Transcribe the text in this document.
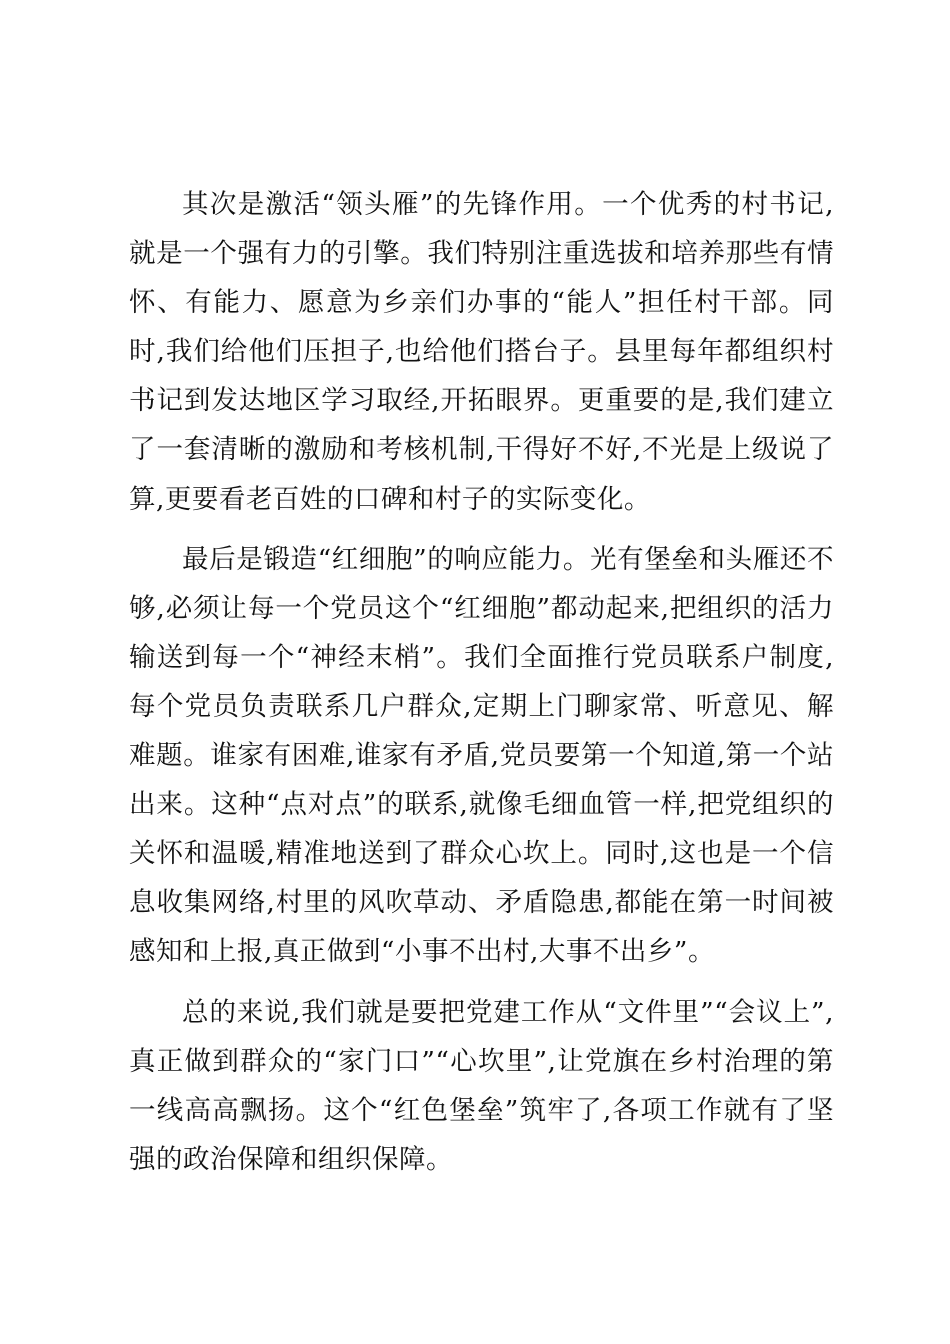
其次是激活“领头雁”的先锋作用。一个优秀的村书记,就是一个强有力的引擎。我们特别注重选拔和培养那些有情怀、有能力、愿意为乡亲们办事的“能人”担任村干部。同时,我们给他们压担子,也给他们搭台子。县里每年都组织村书记到发达地区学习取经,开拓眼界。更重要的是,我们建立了一套清晰的激励和考核机制,干得好不好,不光是上级说了算,更要看老百姓的口碑和村子的实际变化。

最后是锻造“红细胞”的响应能力。光有堡垒和头雁还不够,必须让每一个党员这个“红细胞”都动起来,把组织的活力输送到每一个“神经末梢”。我们全面推行党员联系户制度,每个党员负责联系几户群众,定期上门聊家常、听意见、解难题。谁家有困难,谁家有矛盾,党员要第一个知道,第一个站出来。这种“点对点”的联系,就像毛细血管一样,把党组织的关怀和温暖,精准地送到了群众心坎上。同时,这也是一个信息收集网络,村里的风吹草动、矛盾隐患,都能在第一时间被感知和上报,真正做到“小事不出村,大事不出乡”。

总的来说,我们就是要把党建工作从“文件里”“会议上”,真正做到群众的“家门口”“心坎里”,让党旗在乡村治理的第一线高高飘扬。这个“红色堡垒”筑牢了,各项工作就有了坚强的政治保障和组织保障。
